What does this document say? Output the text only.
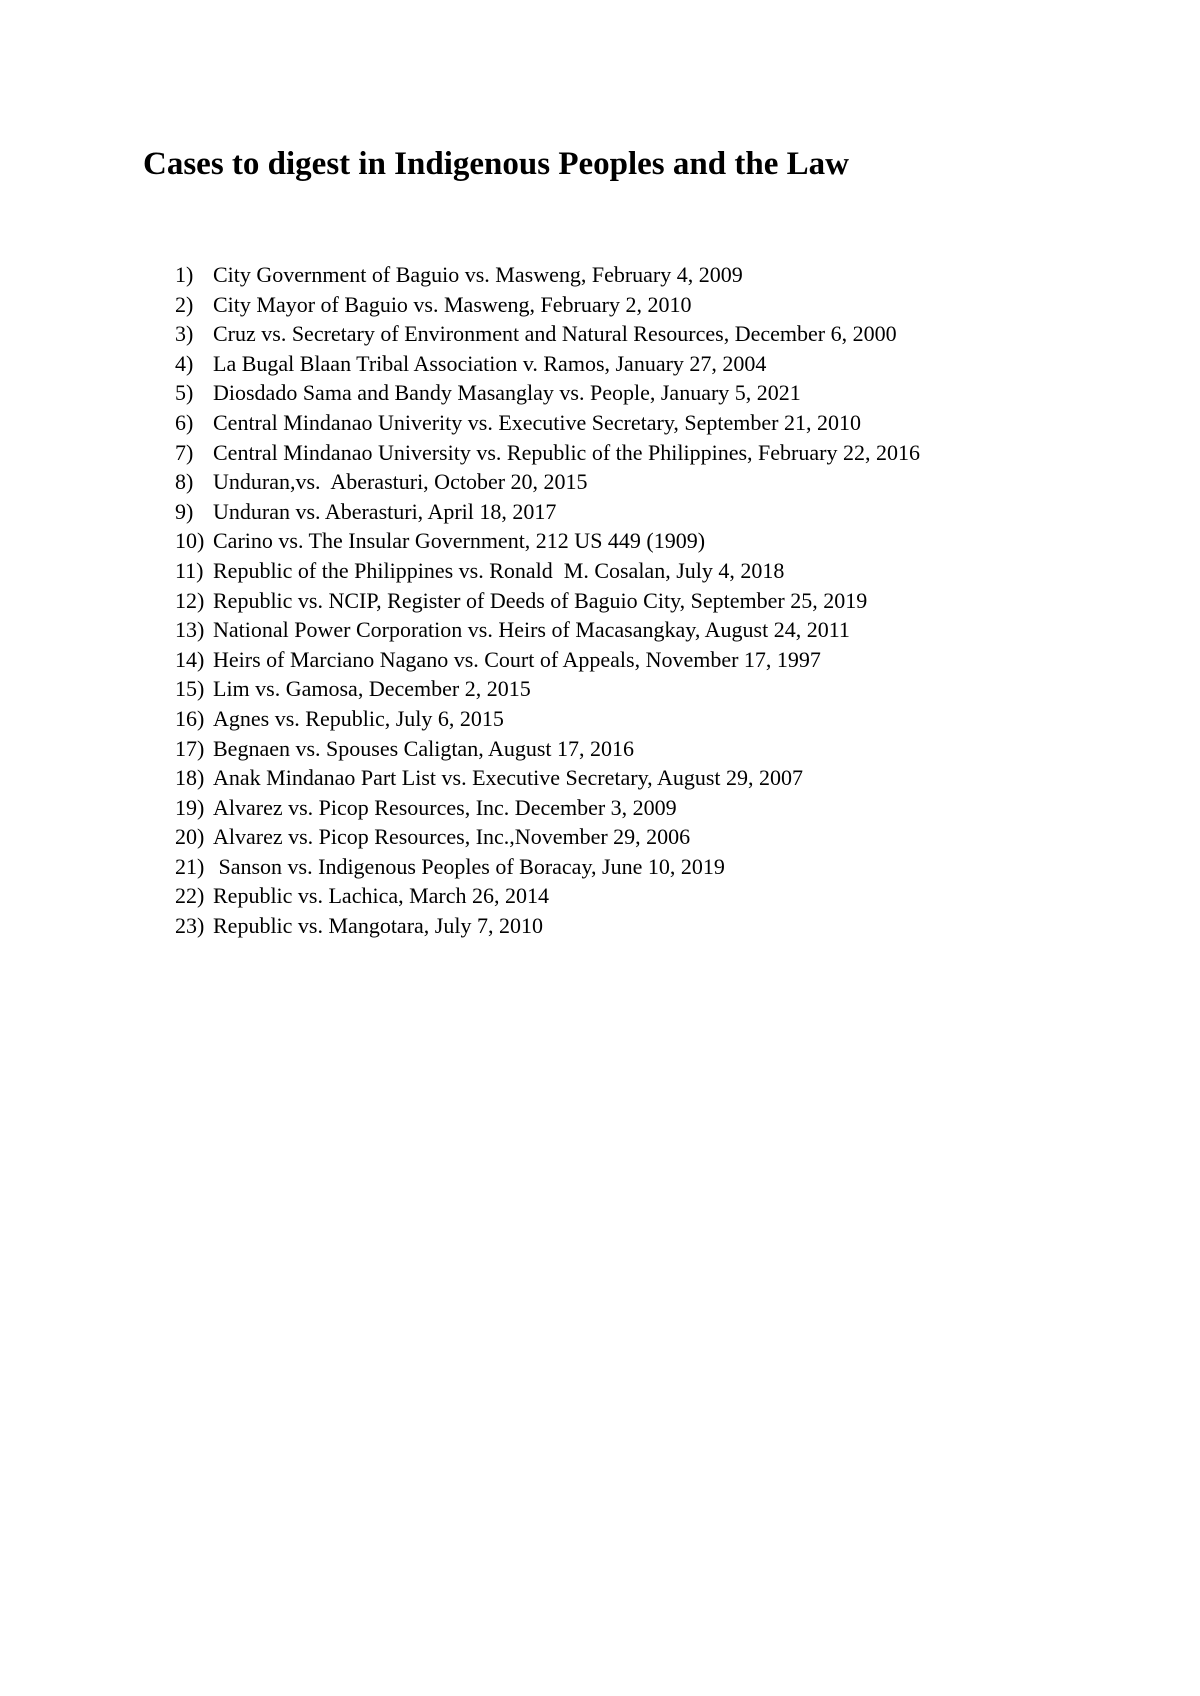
Cases to digest in Indigenous Peoples and the Law
1) City Government of Baguio vs. Masweng, February 4, 2009
2) City Mayor of Baguio vs. Masweng, February 2, 2010
3) Cruz vs. Secretary of Environment and Natural Resources, December 6, 2000
4) La Bugal Blaan Tribal Association v. Ramos, January 27, 2004
5) Diosdado Sama and Bandy Masanglay vs. People, January 5, 2021
6) Central Mindanao Univerity vs. Executive Secretary, September 21, 2010
7) Central Mindanao University vs. Republic of the Philippines, February 22, 2016
8) Unduran,vs.  Aberasturi, October 20, 2015
9) Unduran vs. Aberasturi, April 18, 2017
10) Carino vs. The Insular Government, 212 US 449 (1909)
11) Republic of the Philippines vs. Ronald  M. Cosalan, July 4, 2018
12) Republic vs. NCIP, Register of Deeds of Baguio City, September 25, 2019
13) National Power Corporation vs. Heirs of Macasangkay, August 24, 2011
14) Heirs of Marciano Nagano vs. Court of Appeals, November 17, 1997
15) Lim vs. Gamosa, December 2, 2015
16) Agnes vs. Republic, July 6, 2015
17) Begnaen vs. Spouses Caligtan, August 17, 2016
18) Anak Mindanao Part List vs. Executive Secretary, August 29, 2007
19) Alvarez vs. Picop Resources, Inc. December 3, 2009
20) Alvarez vs. Picop Resources, Inc.,November 29, 2006
21) Sanson vs. Indigenous Peoples of Boracay, June 10, 2019
22) Republic vs. Lachica, March 26, 2014
23) Republic vs. Mangotara, July 7, 2010
